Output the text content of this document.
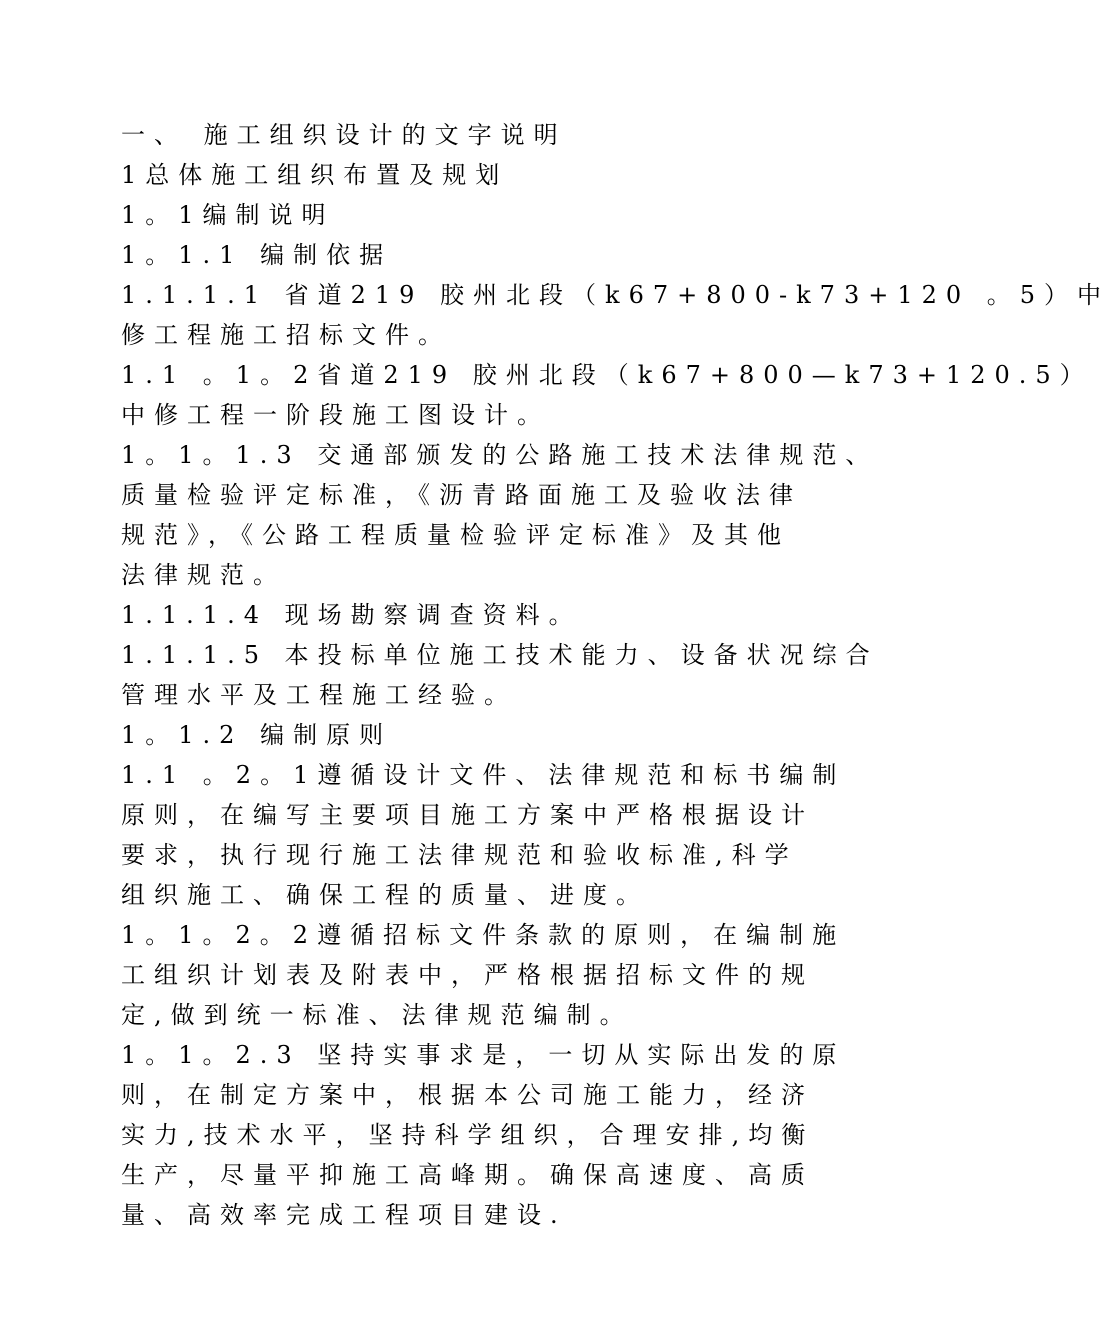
一、 施工组织设计的文字说明
1总体施工组织布置及规划
1。1编制说明
1。1.1 编制依据
1.1.1.1 省道219 胶州北段（k67+800-k73+120 。5）中
修工程施工招标文件。
1.1 。1。2省道219 胶州北段（k67+800—k73+120.5）
中修工程一阶段施工图设计。
1。1。1.3 交通部颁发的公路施工技术法律规范、
质量检验评定标准，《沥青路面施工及验收法律
规范》，《公路工程质量检验评定标准》及其他
法律规范。
1.1.1.4 现场勘察调查资料。
1.1.1.5 本投标单位施工技术能力、设备状况综合
管理水平及工程施工经验。
1。1.2 编制原则
1.1 。2。1遵循设计文件、法律规范和标书编制
原则，在编写主要项目施工方案中严格根据设计
要求，执行现行施工法律规范和验收标准,科学
组织施工、确保工程的质量、进度。
1。1。2。2遵循招标文件条款的原则，在编制施
工组织计划表及附表中，严格根据招标文件的规
定,做到统一标准、法律规范编制。
1。1。2.3 坚持实事求是，一切从实际出发的原
则，在制定方案中，根据本公司施工能力，经济
实力,技术水平，坚持科学组织，合理安排,均衡
生产，尽量平抑施工高峰期。确保高速度、高质
量、高效率完成工程项目建设.
